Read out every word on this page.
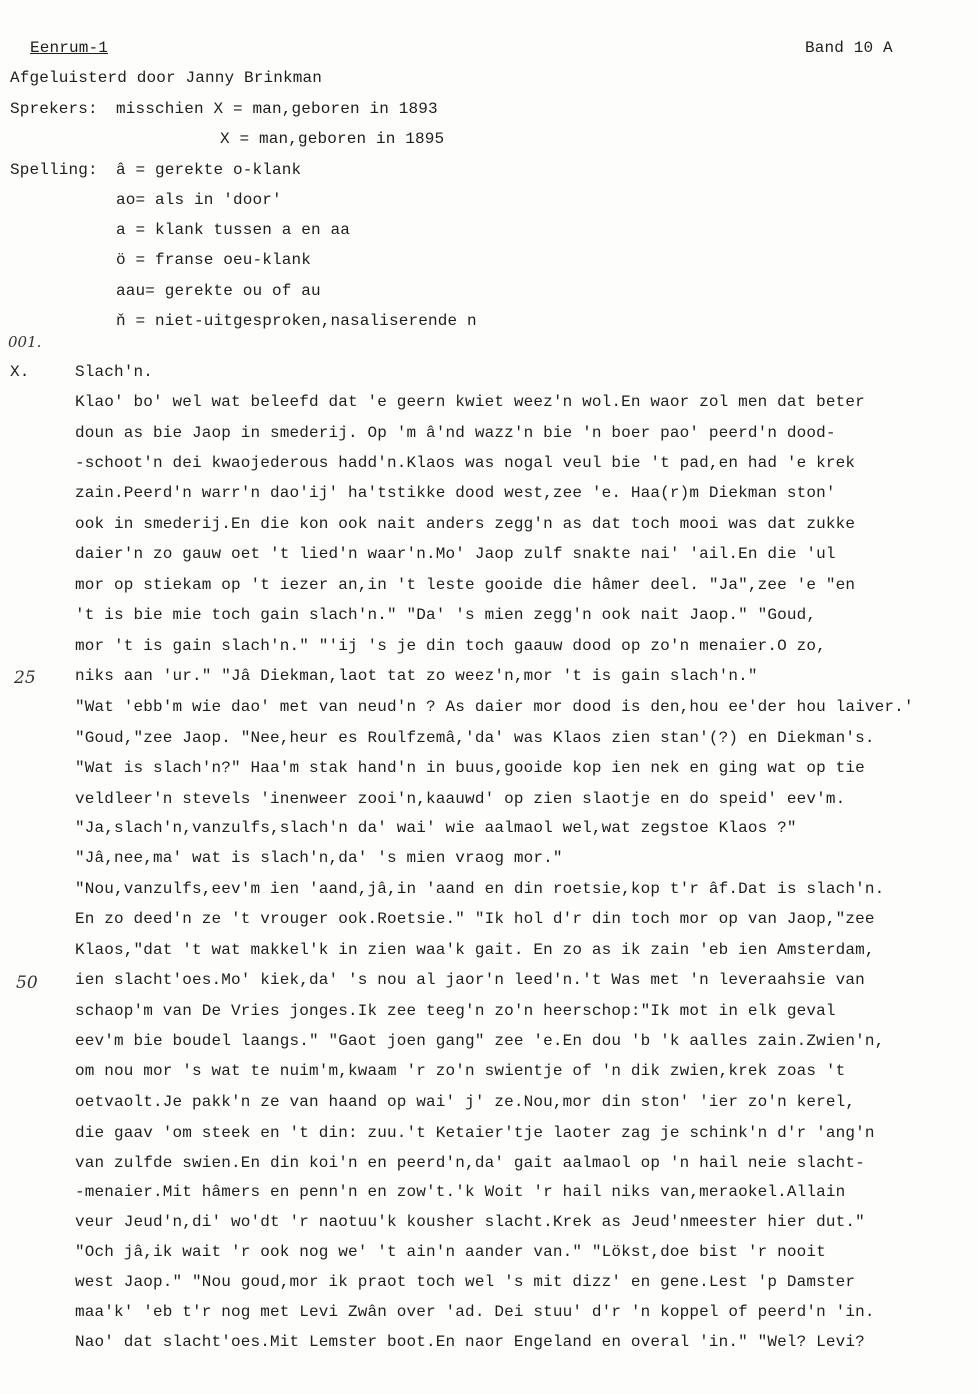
Eenrum-1	Band 10 A
Afgeluisterd door Janny Brinkman
Sprekers: misschien X = man,geboren in 1893
X = man,geboren in 1895
Spelling: â = gerekte o-klank
ao= als in 'door'
a = klank tussen a en aa
ö = franse oeu-klank
aau= gerekte ou of au
ň = niet-uitgesproken,nasaliserende n
001.
25
50
X.	Slach'n.
Klao' bo' wel wat beleefd dat 'e geern kwiet weez'n wol.En waor zol men dat beter
doun as bie Jaop in smederij. Op 'm â'nd wazz'n bie 'n boer pao' peerd'n dood-
-schoot'n dei kwaojederous hadd'n.Klaos was nogal veul bie 't pad,en had 'e krek
zain.Peerd'n warr'n dao'ij' ha'tstikke dood west,zee 'e. Haa(r)m Diekman ston'
ook in smederij.En die kon ook nait anders zegg'n as dat toch mooi was dat zukke
daier'n zo gauw oet 't lied'n waar'n.Mo' Jaop zulf snakte nai' 'ail.En die 'ul
mor op stiekam op 't iezer an,in 't leste gooide die hâmer deel. "Ja",zee 'e "en
't is bie mie toch gain slach'n." "Da' 's mien zegg'n ook nait Jaop." "Goud,
mor 't is gain slach'n." "'ij 's je din toch gaauw dood op zo'n menaier.O zo,
niks aan 'ur." "Jâ Diekman,laot tat zo weez'n,mor 't is gain slach'n."
"Wat 'ebb'm wie dao' met van neud'n ? As daier mor dood is den,hou ee'der hou laiver.'
"Goud,"zee Jaop. "Nee,heur es Roulfzemâ,'da' was Klaos zien stan'(?) en Diekman's.
"Wat is slach'n?" Haa'm stak hand'n in buus,gooide kop ien nek en ging wat op tie
veldleer'n stevels 'inenweer zooi'n,kaauwd' op zien slaotje en do speid' eev'm.
"Ja,slach'n,vanzulfs,slach'n da' wai' wie aalmaol wel,wat zegstoe Klaos ?"
"Jâ,nee,ma' wat is slach'n,da' 's mien vraog mor."
"Nou,vanzulfs,eev'm ien 'aand,jâ,in 'aand en din roetsie,kop t'r âf.Dat is slach'n.
En zo deed'n ze 't vrouger ook.Roetsie." "Ik hol d'r din toch mor op van Jaop,"zee
Klaos,"dat 't wat makkel'k in zien waa'k gait. En zo as ik zain 'eb ien Amsterdam,
ien slacht'oes.Mo' kiek,da' 's nou al jaor'n leed'n.'t Was met 'n leveraahsie van
schaop'm van De Vries jonges.Ik zee teeg'n zo'n heerschop:"Ik mot in elk geval
eev'm bie boudel laangs." "Gaot joen gang" zee 'e.En dou 'b 'k aalles zain.Zwien'n,
om nou mor 's wat te nuim'm,kwaam 'r zo'n swientje of 'n dik zwien,krek zoas 't
oetvaolt.Je pakk'n ze van haand op wai' j' ze.Nou,mor din ston' 'ier zo'n kerel,
die gaav 'om steek en 't din: zuu.'t Ketaier'tje laoter zag je schink'n d'r 'ang'n
van zulfde swien.En din koi'n en peerd'n,da' gait aalmaol op 'n hail neie slacht-
-menaier.Mit hâmers en penn'n en zow't.'k Woit 'r hail niks van,meraokel.Allain
veur Jeud'n,di' wo'dt 'r naotuu'k kousher slacht.Krek as Jeud'nmeester hier dut."
"Och jâ,ik wait 'r ook nog we' 't ain'n aander van." "Lökst,doe bist 'r nooit
west Jaop." "Nou goud,mor ik praot toch wel 's mit dizz' en gene.Lest 'p Damster
maa'k' 'eb t'r nog met Levi Zwân over 'ad. Dei stuu' d'r 'n koppel of peerd'n 'in.
Nao' dat slacht'oes.Mit Lemster boot.En naor Engeland en overal 'in." "Wel? Levi?
